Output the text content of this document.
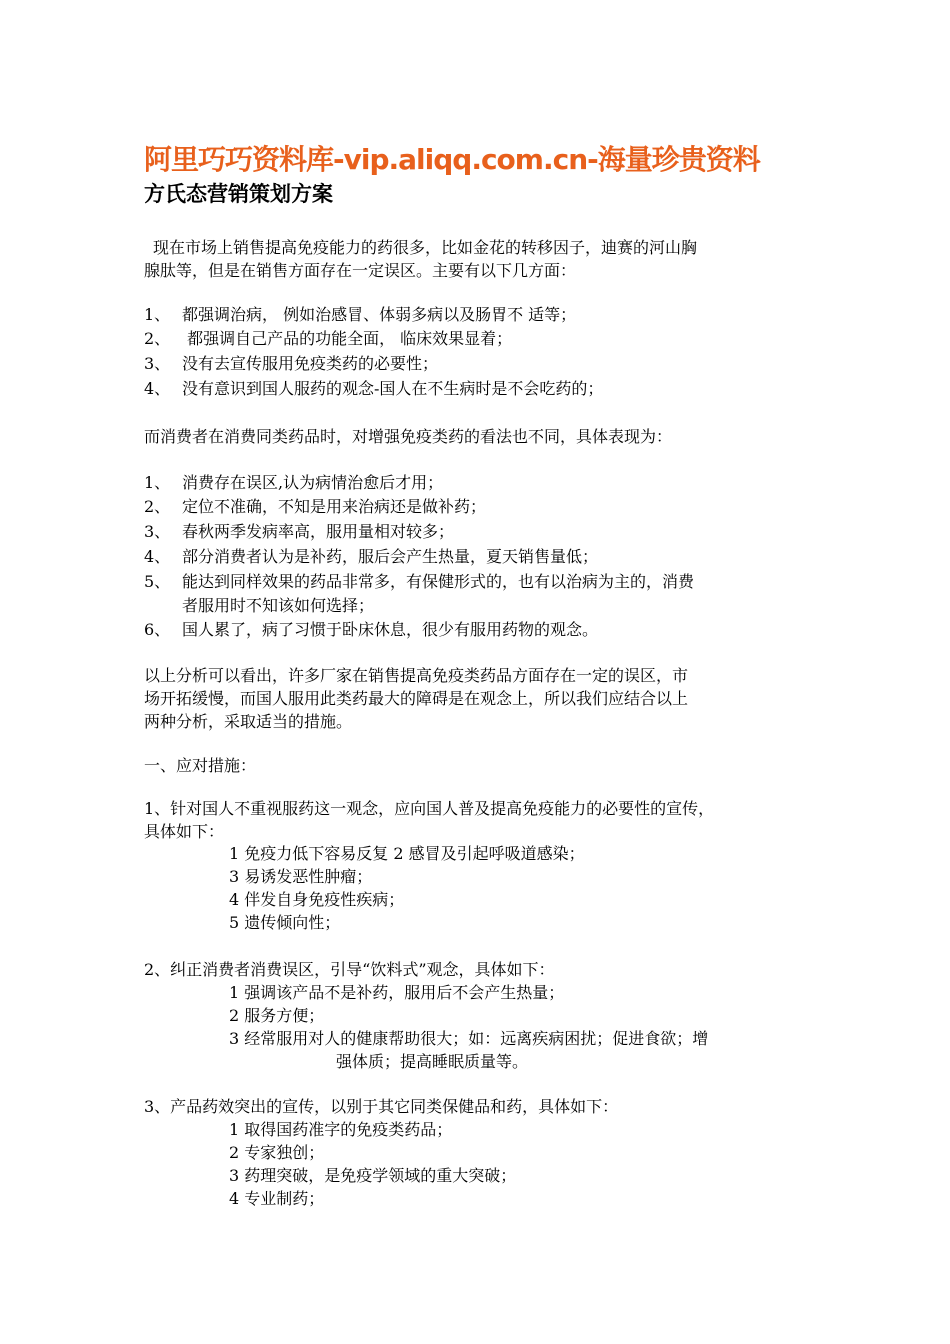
阿里巧巧资料库-vip.aliqq.com.cn-海量珍贵资料
方氏态营销策划方案
现在市场上销售提高免疫能力的药很多，比如金花的转移因子，迪赛的河山胸
腺肽等，但是在销售方面存在一定误区。主要有以下几方面：
1、 都强调治病， 例如治感冒、体弱多病以及肠胃不 适等；
2、 都强调自己产品的功能全面， 临床效果显着；
3、 没有去宣传服用免疫类药的必要性；
4、 没有意识到国人服药的观念-国人在不生病时是不会吃药的；
而消费者在消费同类药品时，对增强免疫类药的看法也不同，具体表现为：
1、 消费存在误区,认为病情治愈后才用；
2、 定位不准确，不知是用来治病还是做补药；
3、 春秋两季发病率高，服用量相对较多；
4、 部分消费者认为是补药，服后会产生热量，夏天销售量低；
5、 能达到同样效果的药品非常多，有保健形式的，也有以治病为主的，消费
者服用时不知该如何选择；
6、 国人累了，病了习惯于卧床休息，很少有服用药物的观念。
以上分析可以看出，许多厂家在销售提高免疫类药品方面存在一定的误区，市
场开拓缓慢，而国人服用此类药最大的障碍是在观念上，所以我们应结合以上
两种分析，采取适当的措施。
一、应对措施：
1、针对国人不重视服药这一观念，应向国人普及提高免疫能力的必要性的宣传，
具体如下：
1 免疫力低下容易反复 2 感冒及引起呼吸道感染；
3 易诱发恶性肿瘤；
4 伴发自身免疫性疾病；
5 遗传倾向性；
2、纠正消费者消费误区，引导“饮料式”观念，具体如下：
1 强调该产品不是补药，服用后不会产生热量；
2 服务方便；
3 经常服用对人的健康帮助很大；如：远离疾病困扰；促进食欲；增
强体质；提高睡眠质量等。
3、产品药效突出的宣传，以别于其它同类保健品和药，具体如下：
1 取得国药准字的免疫类药品；
2 专家独创；
3 药理突破，是免疫学领域的重大突破；
4 专业制药；
